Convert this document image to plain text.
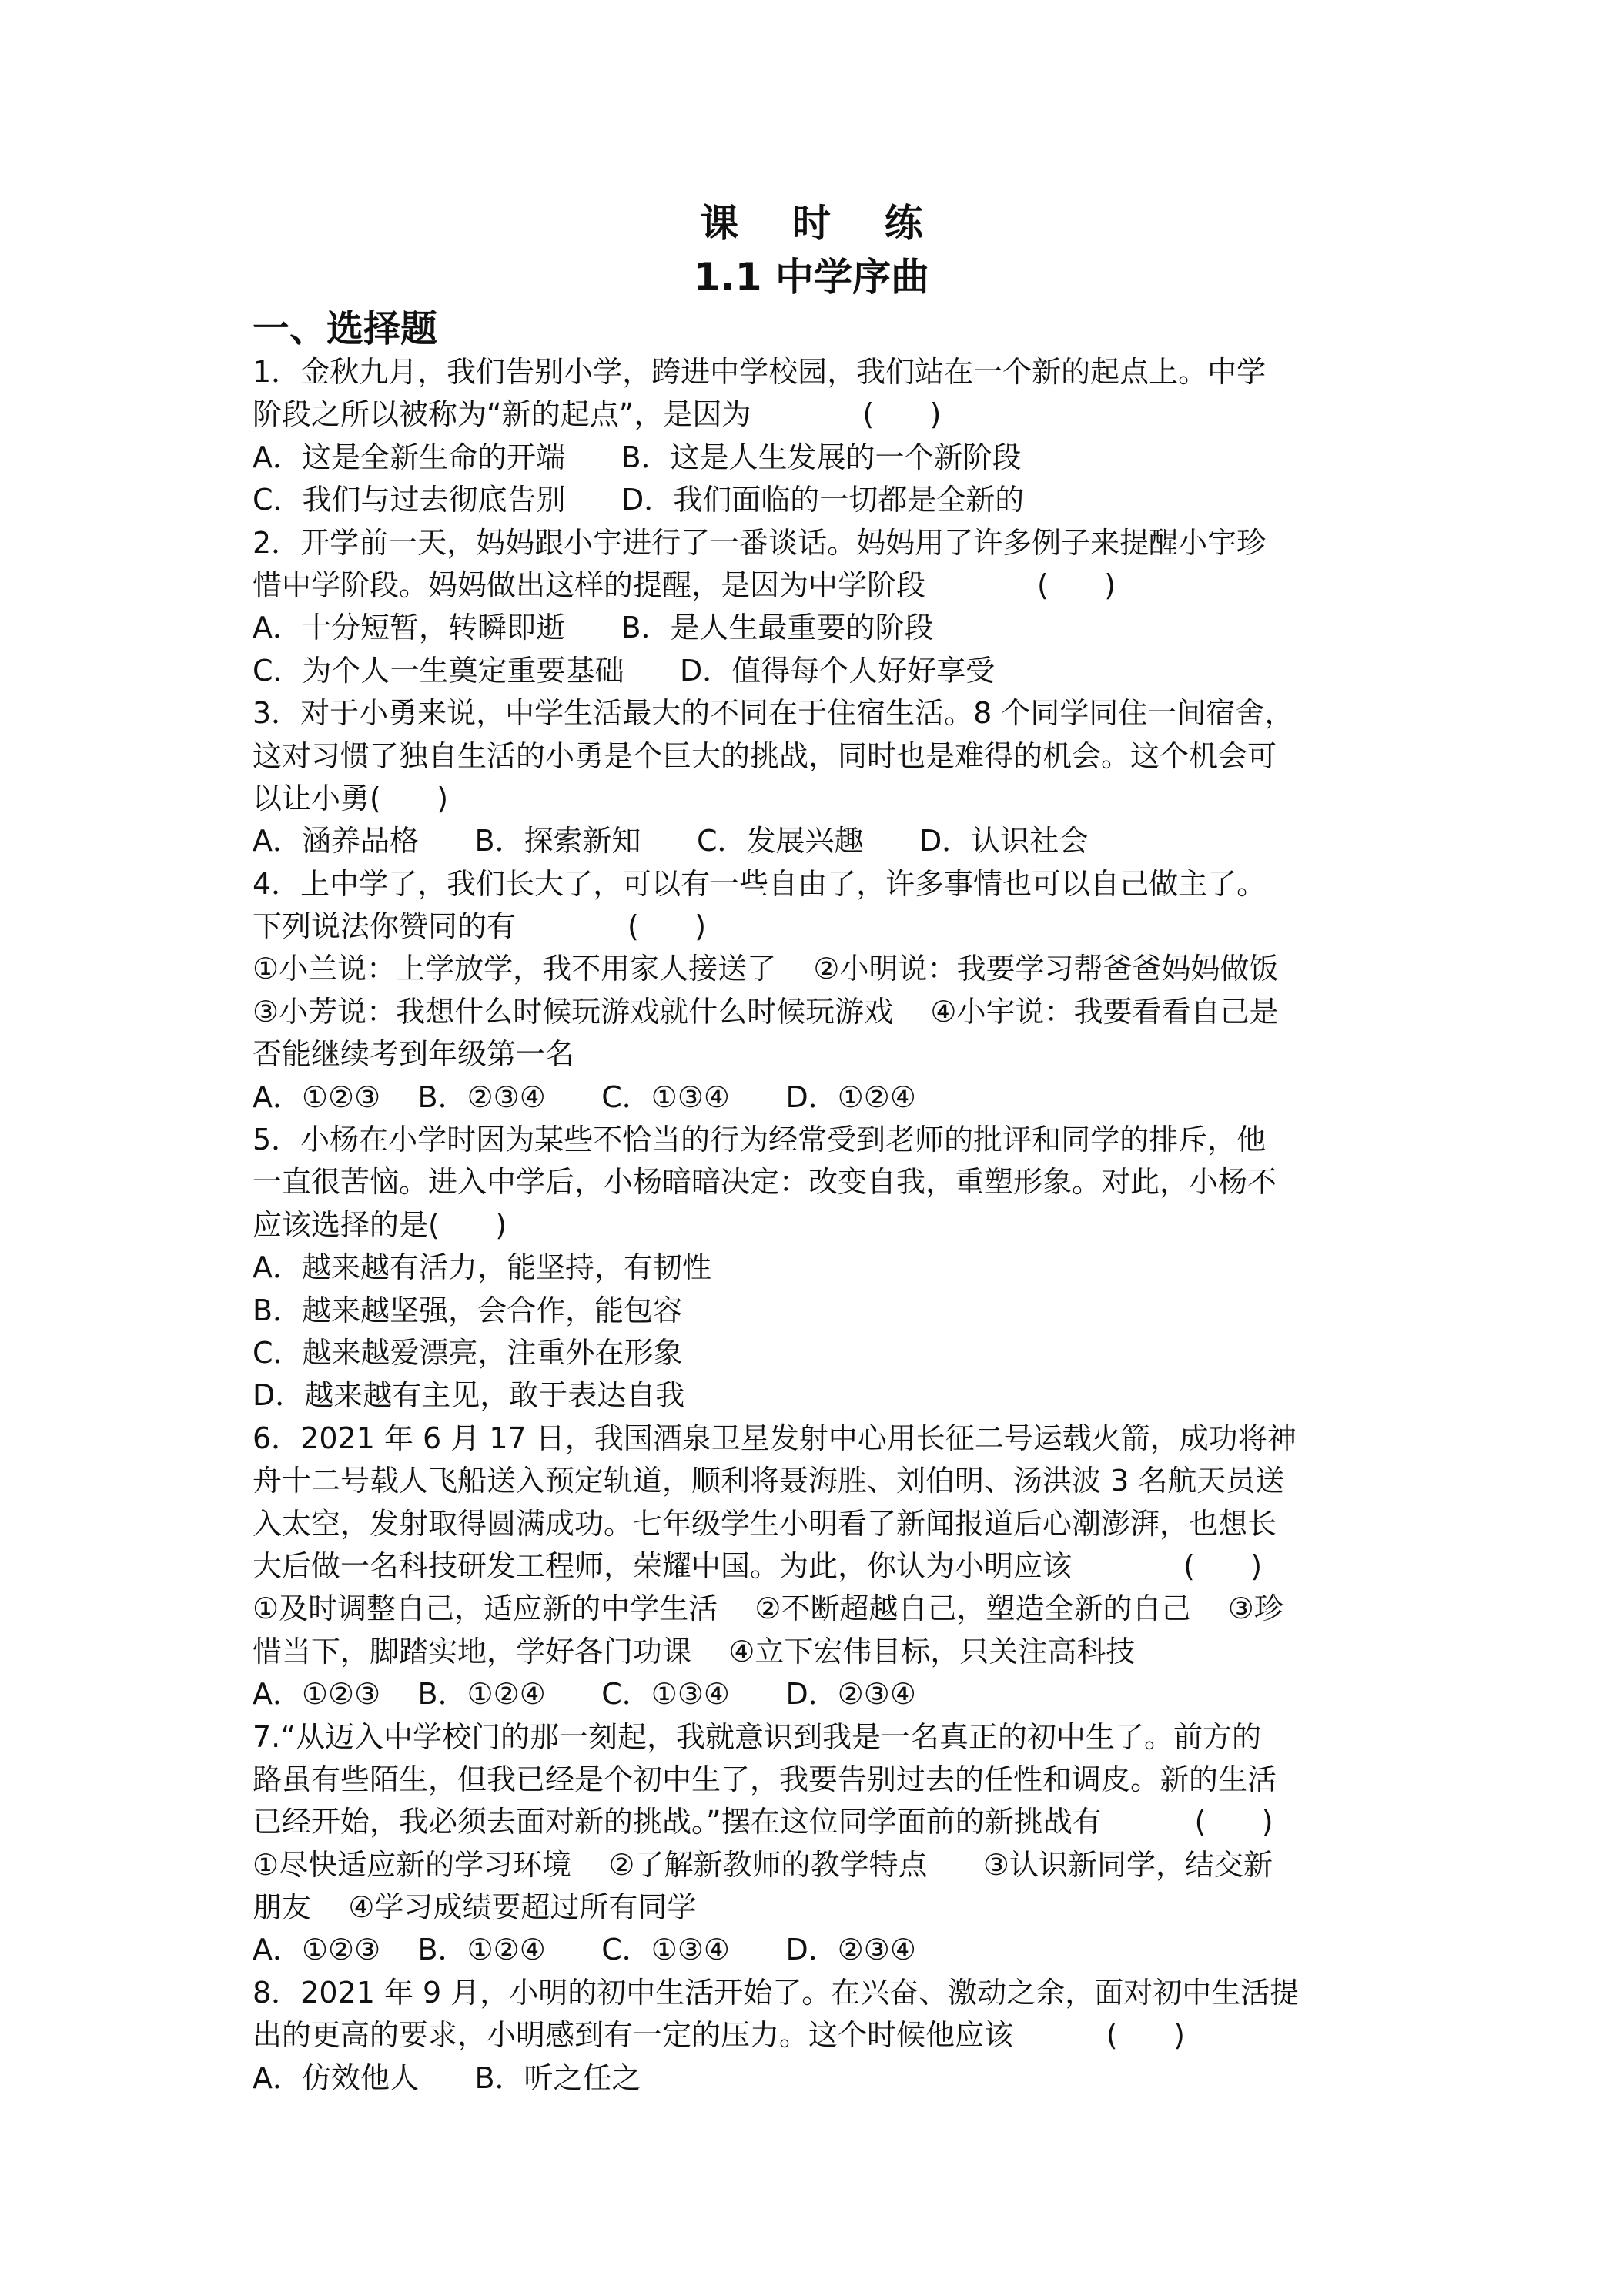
课    时    练
1.1 中学序曲
一、选择题
1．金秋九月，我们告别小学，跨进中学校园，我们站在一个新的起点上。中学
阶段之所以被称为“新的起点”，是因为            (      )
A．这是全新生命的开端      B．这是人生发展的一个新阶段
C．我们与过去彻底告别      D．我们面临的一切都是全新的
2．开学前一天，妈妈跟小宇进行了一番谈话。妈妈用了许多例子来提醒小宇珍
惜中学阶段。妈妈做出这样的提醒，是因为中学阶段            (      )
A．十分短暂，转瞬即逝      B．是人生最重要的阶段
C．为个人一生奠定重要基础      D．值得每个人好好享受
3．对于小勇来说，中学生活最大的不同在于住宿生活。8 个同学同住一间宿舍，
这对习惯了独自生活的小勇是个巨大的挑战，同时也是难得的机会。这个机会可
以让小勇(      )
A．涵养品格      B．探索新知      C．发展兴趣      D．认识社会
4．上中学了，我们长大了，可以有一些自由了，许多事情也可以自己做主了。
下列说法你赞同的有            (      )
①小兰说：上学放学，我不用家人接送了    ②小明说：我要学习帮爸爸妈妈做饭
③小芳说：我想什么时候玩游戏就什么时候玩游戏    ④小宇说：我要看看自己是
否能继续考到年级第一名
A．①②③    B．②③④      C．①③④      D．①②④
5．小杨在小学时因为某些不恰当的行为经常受到老师的批评和同学的排斥，他
一直很苦恼。进入中学后，小杨暗暗决定：改变自我，重塑形象。对此，小杨不
应该选择的是(      )
A．越来越有活力，能坚持，有韧性
B．越来越坚强，会合作，能包容
C．越来越爱漂亮，注重外在形象
D．越来越有主见，敢于表达自我
6．2021 年 6 月 17 日，我国酒泉卫星发射中心用长征二号运载火箭，成功将神
舟十二号载人飞船送入预定轨道，顺利将聂海胜、刘伯明、汤洪波 3 名航天员送
入太空，发射取得圆满成功。七年级学生小明看了新闻报道后心潮澎湃，也想长
大后做一名科技研发工程师，荣耀中国。为此，你认为小明应该            (      )
①及时调整自己，适应新的中学生活    ②不断超越自己，塑造全新的自己    ③珍
惜当下，脚踏实地，学好各门功课    ④立下宏伟目标，只关注高科技
A．①②③    B．①②④      C．①③④      D．②③④
7.“从迈入中学校门的那一刻起，我就意识到我是一名真正的初中生了。前方的
路虽有些陌生，但我已经是个初中生了，我要告别过去的任性和调皮。新的生活
已经开始，我必须去面对新的挑战。”摆在这位同学面前的新挑战有          (      )
①尽快适应新的学习环境    ②了解新教师的教学特点      ③认识新同学，结交新
朋友    ④学习成绩要超过所有同学
A．①②③    B．①②④      C．①③④      D．②③④
8．2021 年 9 月，小明的初中生活开始了。在兴奋、激动之余，面对初中生活提
出的更高的要求，小明感到有一定的压力。这个时候他应该          (      )
A．仿效他人      B．听之任之
